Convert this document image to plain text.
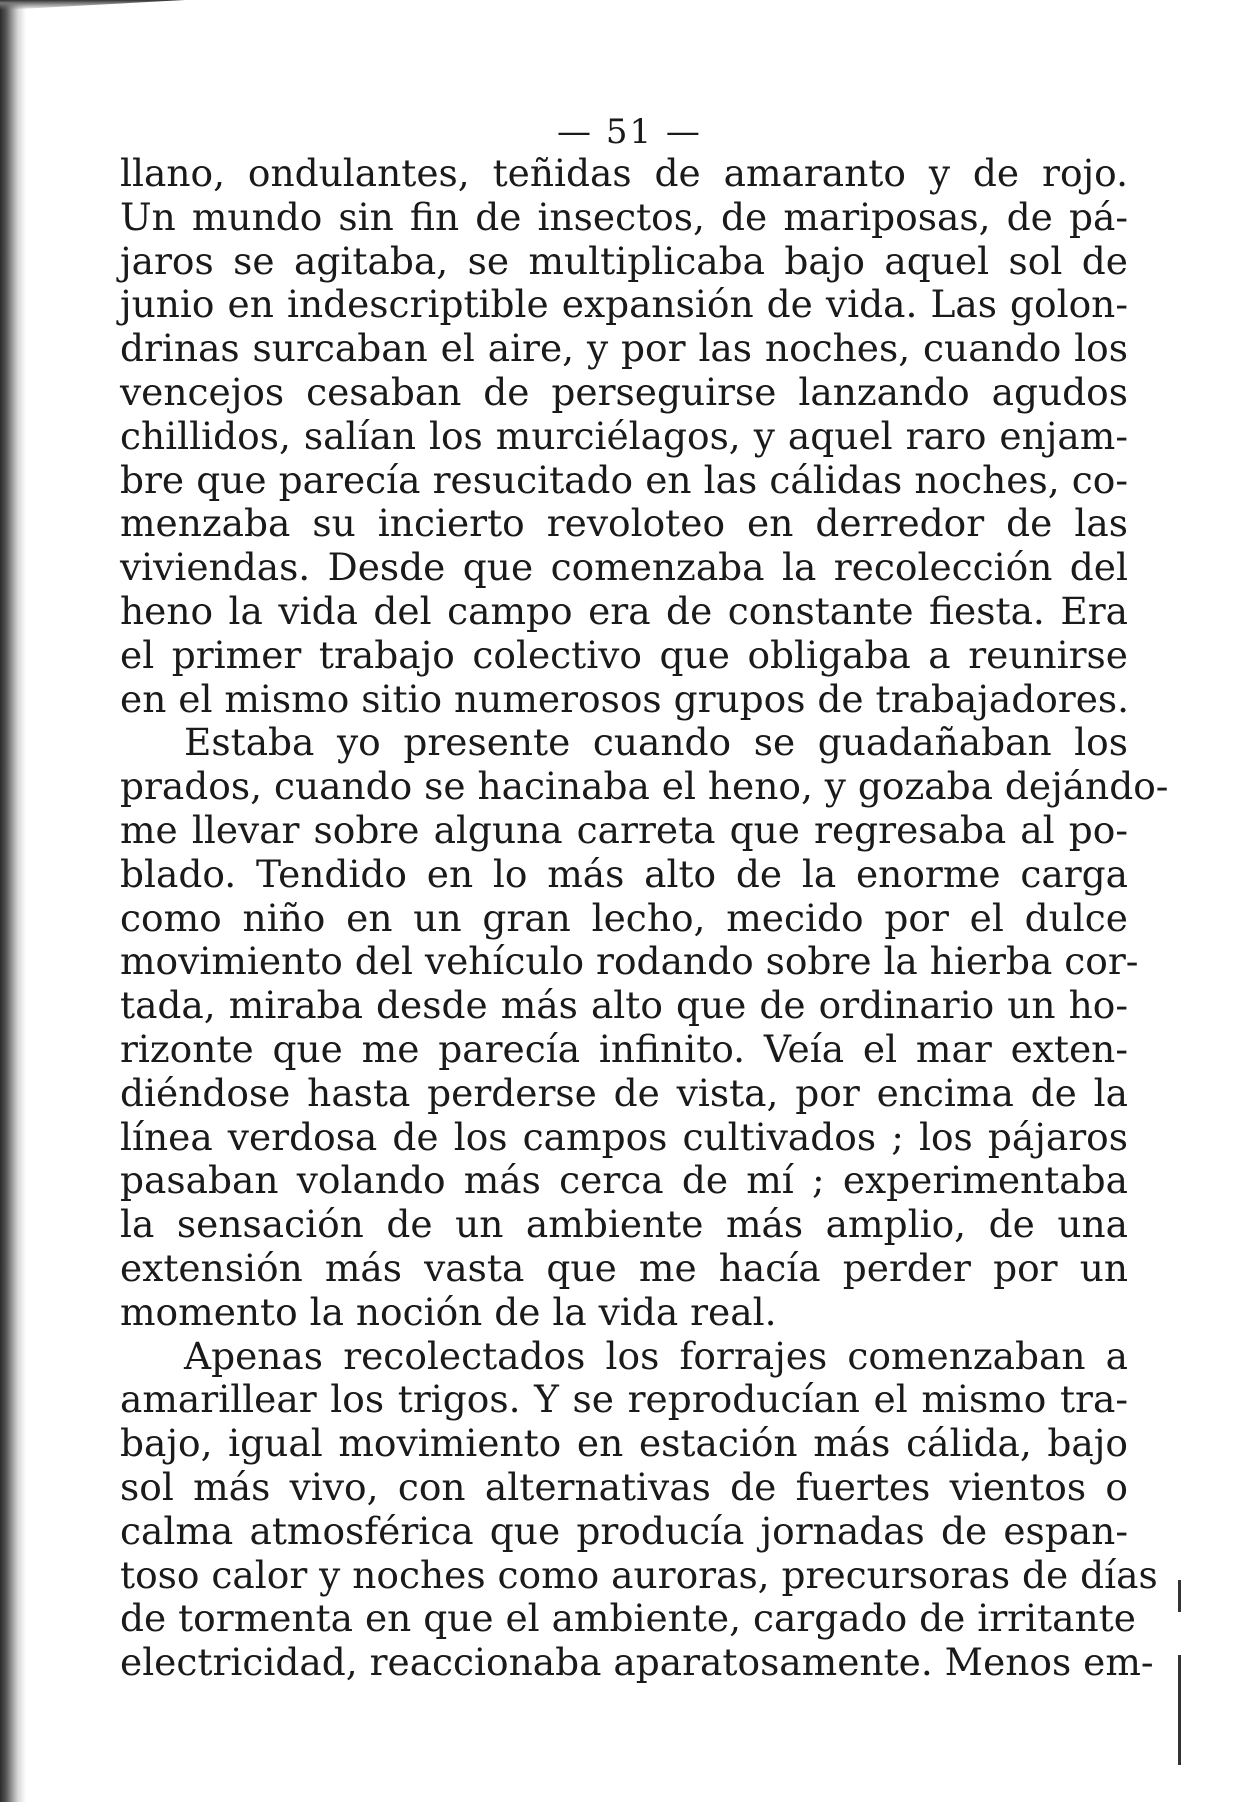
— 51 —
llano, ondulantes, teñidas de amaranto y de rojo.
Un mundo sin fin de insectos, de mariposas, de pá-
jaros se agitaba, se multiplicaba bajo aquel sol de
junio en indescriptible expansión de vida. Las golon-
drinas surcaban el aire, y por las noches, cuando los
vencejos cesaban de perseguirse lanzando agudos
chillidos, salían los murciélagos, y aquel raro enjam-
bre que parecía resucitado en las cálidas noches, co-
menzaba su incierto revoloteo en derredor de las
viviendas. Desde que comenzaba la recolección del
heno la vida del campo era de constante fiesta. Era
el primer trabajo colectivo que obligaba a reunirse
en el mismo sitio numerosos grupos de trabajadores.
Estaba yo presente cuando se guadañaban los
prados, cuando se hacinaba el heno, y gozaba dejándo-
me llevar sobre alguna carreta que regresaba al po-
blado. Tendido en lo más alto de la enorme carga
como niño en un gran lecho, mecido por el dulce
movimiento del vehículo rodando sobre la hierba cor-
tada, miraba desde más alto que de ordinario un ho-
rizonte que me parecía infinito. Veía el mar exten-
diéndose hasta perderse de vista, por encima de la
línea verdosa de los campos cultivados ; los pájaros
pasaban volando más cerca de mí ; experimentaba
la sensación de un ambiente más amplio, de una
extensión más vasta que me hacía perder por un
momento la noción de la vida real.
Apenas recolectados los forrajes comenzaban a
amarillear los trigos. Y se reproducían el mismo tra-
bajo, igual movimiento en estación más cálida, bajo
sol más vivo, con alternativas de fuertes vientos o
calma atmosférica que producía jornadas de espan-
toso calor y noches como auroras, precursoras de días
de tormenta en que el ambiente, cargado de irritante
electricidad, reaccionaba aparatosamente. Menos em-
